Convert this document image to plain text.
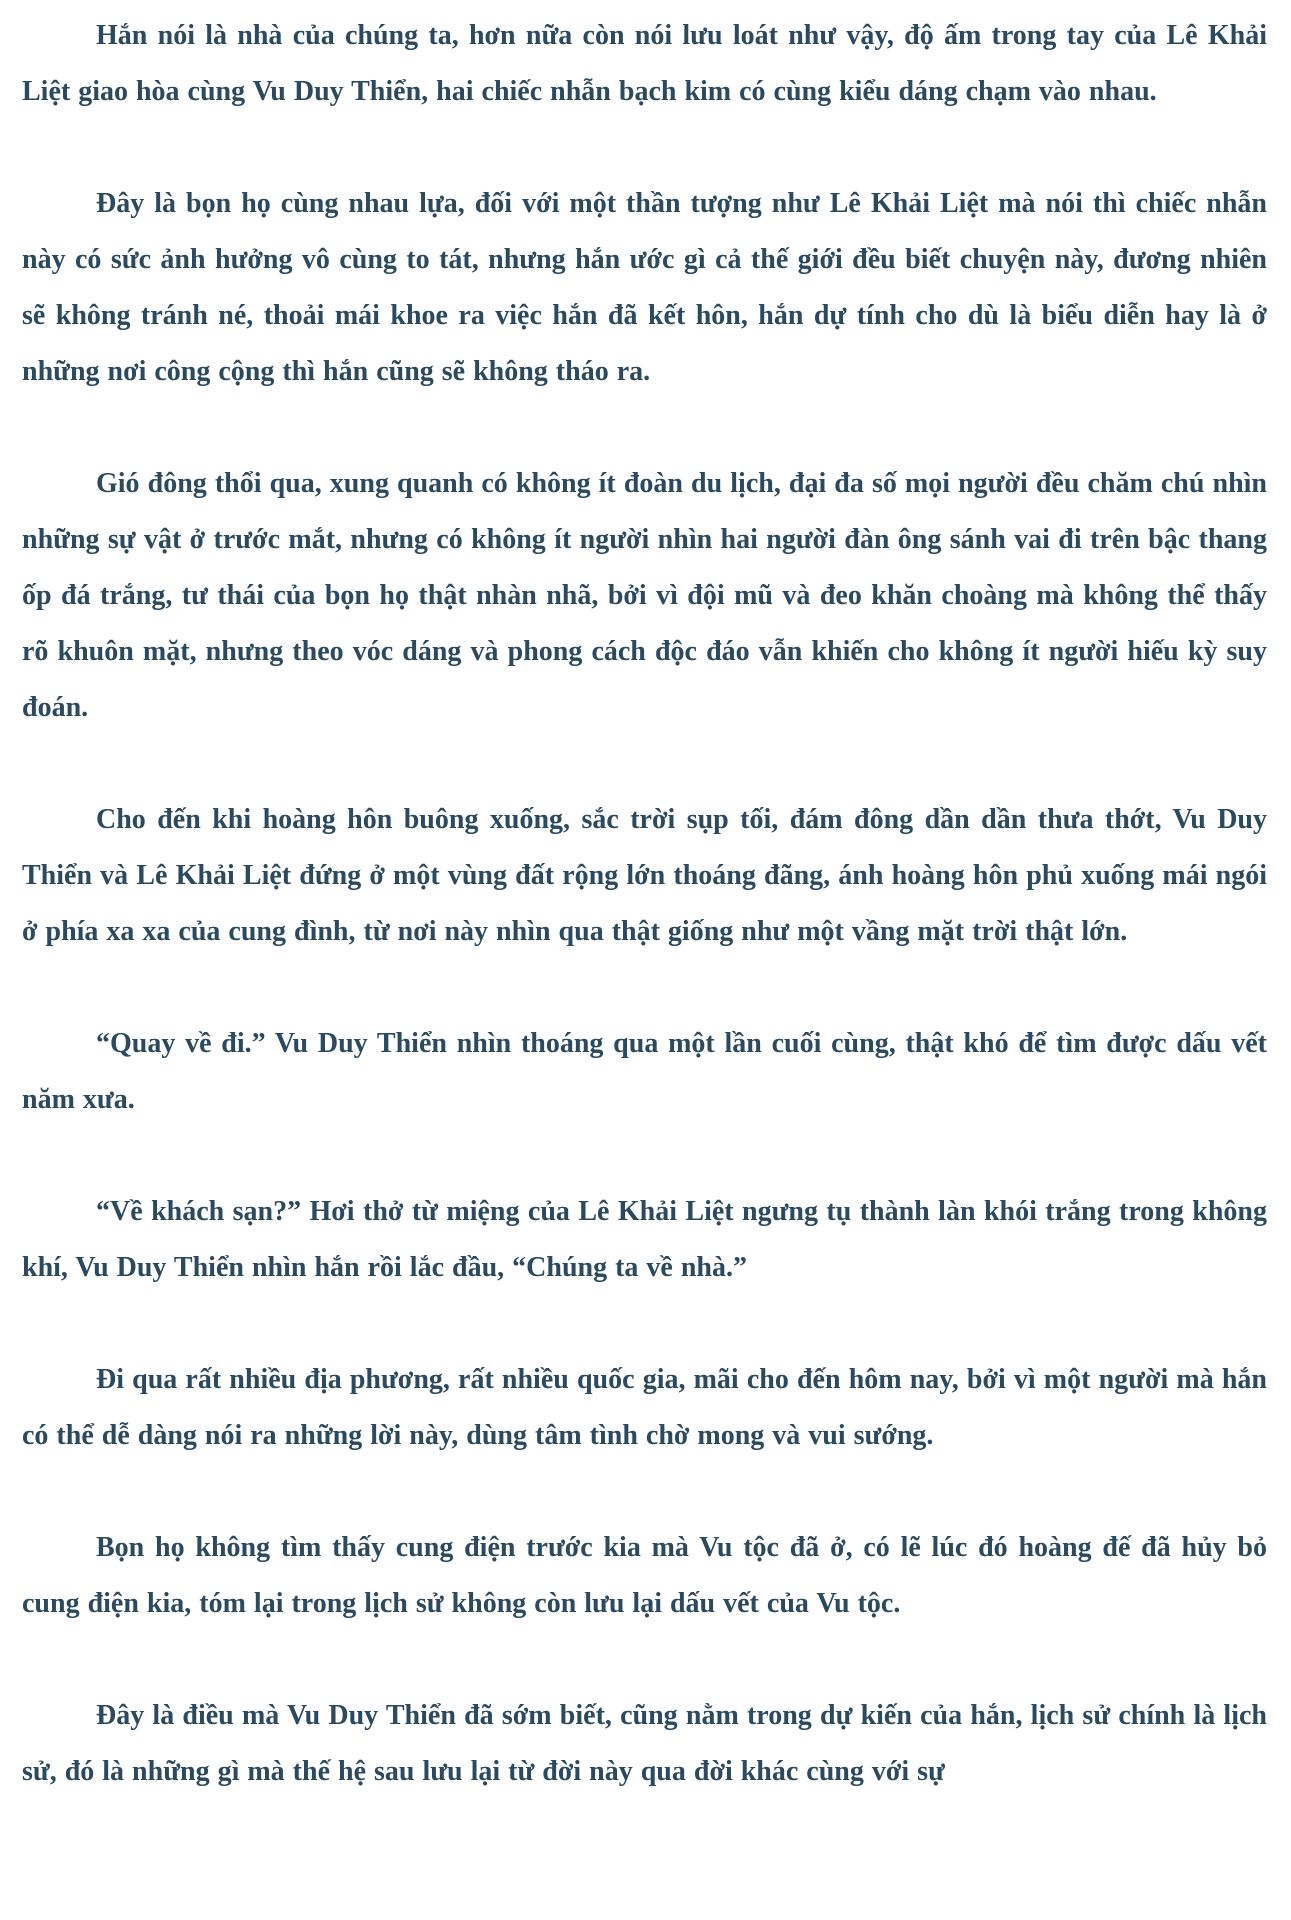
Hắn nói là nhà của chúng ta, hơn nữa còn nói lưu loát như vậy, độ ấm trong tay của Lê Khải Liệt giao hòa cùng Vu Duy Thiển, hai chiếc nhẫn bạch kim có cùng kiểu dáng chạm vào nhau.

Đây là bọn họ cùng nhau lựa, đối với một thần tượng như Lê Khải Liệt mà nói thì chiếc nhẫn này có sức ảnh hưởng vô cùng to tát, nhưng hắn ước gì cả thế giới đều biết chuyện này, đương nhiên sẽ không tránh né, thoải mái khoe ra việc hắn đã kết hôn, hắn dự tính cho dù là biểu diễn hay là ở những nơi công cộng thì hắn cũng sẽ không tháo ra.

Gió đông thổi qua, xung quanh có không ít đoàn du lịch, đại đa số mọi người đều chăm chú nhìn những sự vật ở trước mắt, nhưng có không ít người nhìn hai người đàn ông sánh vai đi trên bậc thang ốp đá trắng, tư thái của bọn họ thật nhàn nhã, bởi vì đội mũ và đeo khăn choàng mà không thể thấy rõ khuôn mặt, nhưng theo vóc dáng và phong cách độc đáo vẫn khiến cho không ít người hiếu kỳ suy đoán.

Cho đến khi hoàng hôn buông xuống, sắc trời sụp tối, đám đông dần dần thưa thớt, Vu Duy Thiển và Lê Khải Liệt đứng ở một vùng đất rộng lớn thoáng đãng, ánh hoàng hôn phủ xuống mái ngói ở phía xa xa của cung đình, từ nơi này nhìn qua thật giống như một vầng mặt trời thật lớn.

“Quay về đi.” Vu Duy Thiển nhìn thoáng qua một lần cuối cùng, thật khó để tìm được dấu vết năm xưa.

“Về khách sạn?” Hơi thở từ miệng của Lê Khải Liệt ngưng tụ thành làn khói trắng trong không khí, Vu Duy Thiển nhìn hắn rồi lắc đầu, “Chúng ta về nhà.”

Đi qua rất nhiều địa phương, rất nhiều quốc gia, mãi cho đến hôm nay, bởi vì một người mà hắn có thể dễ dàng nói ra những lời này, dùng tâm tình chờ mong và vui sướng.

Bọn họ không tìm thấy cung điện trước kia mà Vu tộc đã ở, có lẽ lúc đó hoàng đế đã hủy bỏ cung điện kia, tóm lại trong lịch sử không còn lưu lại dấu vết của Vu tộc.

Đây là điều mà Vu Duy Thiển đã sớm biết, cũng nằm trong dự kiến của hắn, lịch sử chính là lịch sử, đó là những gì mà thế hệ sau lưu lại từ đời này qua đời khác cùng với sự
